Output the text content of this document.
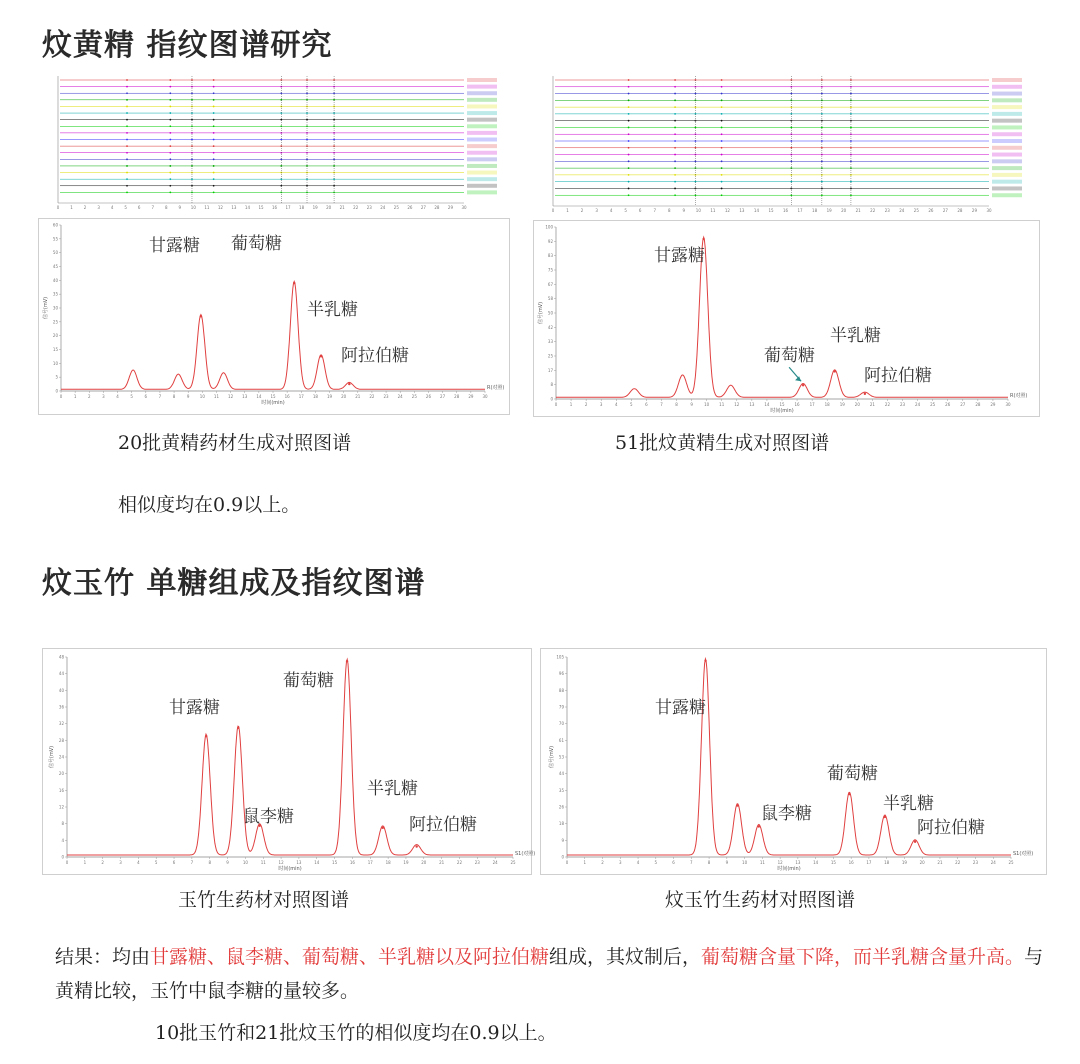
炆黄精 指纹图谱研究
0	1	2	3	4	5	6	7	8	9 10 11 12 13 14 15 16 17 18 19 20 21 22 23 24 25 26 27 28 29 30
0	1	2	3	4	5	6	7	8	9	10 11 12 13 14 15 16 17 18 19 20 21 22 23 24 25 26 27 28 29 30
0
5
10
15
20
25
30
35
40
45
50
55
60
时间(min)
信号(mV)
R(对照)
甘露糖 葡萄糖
半乳糖
阿拉伯糖
20批黄精药材生成对照图谱
0	1	2	3	4	5	6	7	8	9	10 11 12 13 14 15 16 17 18 19 20 21 22 23 24 25 26 27 28 29 30
0	1	2	3	4	5	6	7	8	9	10 11 12 13 14 15 16 17 18 19 20 21 22 23 24 25 26 27 28 29 30
0
8
17
25
33
42
50
58
67
75
83
92
100
时间(min)
信号(mV)
R(对照)
甘露糖
葡萄糖
半乳糖
阿拉伯糖
51批炆黄精生成对照图谱
相似度均在0.9以上。
炆玉竹 单糖组成及指纹图谱
0	1	2	3	4	5	6	7	8	9	10	11	12	13	14	15	16	17	18	19	20	21	22	23	24	25
0
4
8
12
16
20
24
28
32
36
40
44
48
时间(min)
信号(mV)
S1(对照)
甘露糖
鼠李糖
葡萄糖
半乳糖
阿拉伯糖
玉竹生药材对照图谱
0	1	2	3	4	5	6	7	8	9	10	11	12	13	14	15	16	17	18	19	20	21	22	23	24	25
0
9
18
26
35
44
53
61
70
79
88
96
105
时间(min)
信号(mV)
S1(对照)
甘露糖
鼠李糖
葡萄糖
半乳糖
阿拉伯糖
炆玉竹生药材对照图谱
结果：均由甘露糖、鼠李糖、葡萄糖、半乳糖以及阿拉伯糖组成，其炆制后，葡萄糖含量下降，而半乳糖含量升高。与黄精比较，玉竹中鼠李糖的量较多。
10批玉竹和21批炆玉竹的相似度均在0.9以上。
